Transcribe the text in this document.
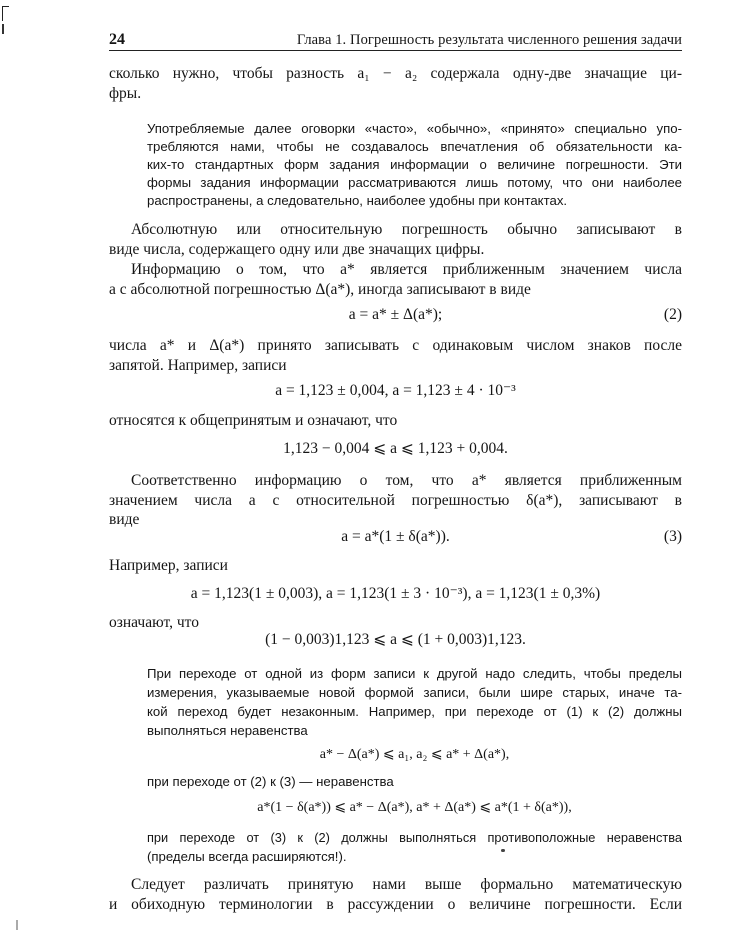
24	Глава 1. Погрешность результата численного решения задачи
сколько нужно, чтобы разность a₁ − a₂ содержала одну-две значащие ци-
фры.
Употребляемые далее оговорки «часто», «обычно», «принято» специально упо-
требляются нами, чтобы не создавалось впечатления об обязательности ка-
ких-то стандартных форм задания информации о величине погрешности. Эти
формы задания информации рассматриваются лишь потому, что они наиболее
распространены, а следовательно, наиболее удобны при контактах.
Абсолютную или относительную погрешность обычно записывают в
виде числа, содержащего одну или две значащих цифры.
Информацию о том, что a* является приближенным значением числа
a с абсолютной погрешностью Δ(a*), иногда записывают в виде
a = a* ± Δ(a*);	(2)
числа a* и Δ(a*) принято записывать с одинаковым числом знаков после
запятой. Например, записи
a = 1,123 ± 0,004, a = 1,123 ± 4 · 10⁻³
относятся к общепринятым и означают, что
1,123 − 0,004 ⩽ a ⩽ 1,123 + 0,004.
Соответственно информацию о том, что a* является приближенным
значением числа a с относительной погрешностью δ(a*), записывают в
виде
a = a*(1 ± δ(a*)).	(3)
Например, записи
a = 1,123(1 ± 0,003), a = 1,123(1 ± 3 · 10⁻³), a = 1,123(1 ± 0,3%)
означают, что
(1 − 0,003)1,123 ⩽ a ⩽ (1 + 0,003)1,123.
При переходе от одной из форм записи к другой надо следить, чтобы пределы
измерения, указываемые новой формой записи, были шире старых, иначе та-
кой переход будет незаконным. Например, при переходе от (1) к (2) должны
выполняться неравенства
a* − Δ(a*) ⩽ a₁, a₂ ⩽ a* + Δ(a*),
при переходе от (2) к (3) — неравенства
a*(1 − δ(a*)) ⩽ a* − Δ(a*), a* + Δ(a*) ⩽ a*(1 + δ(a*)),
при переходе от (3) к (2) должны выполняться противоположные неравенства
(пределы всегда расширяются!).
Следует различать принятую нами выше формально математическую
и обиходную терминологии в рассуждении о величине погрешности. Если
